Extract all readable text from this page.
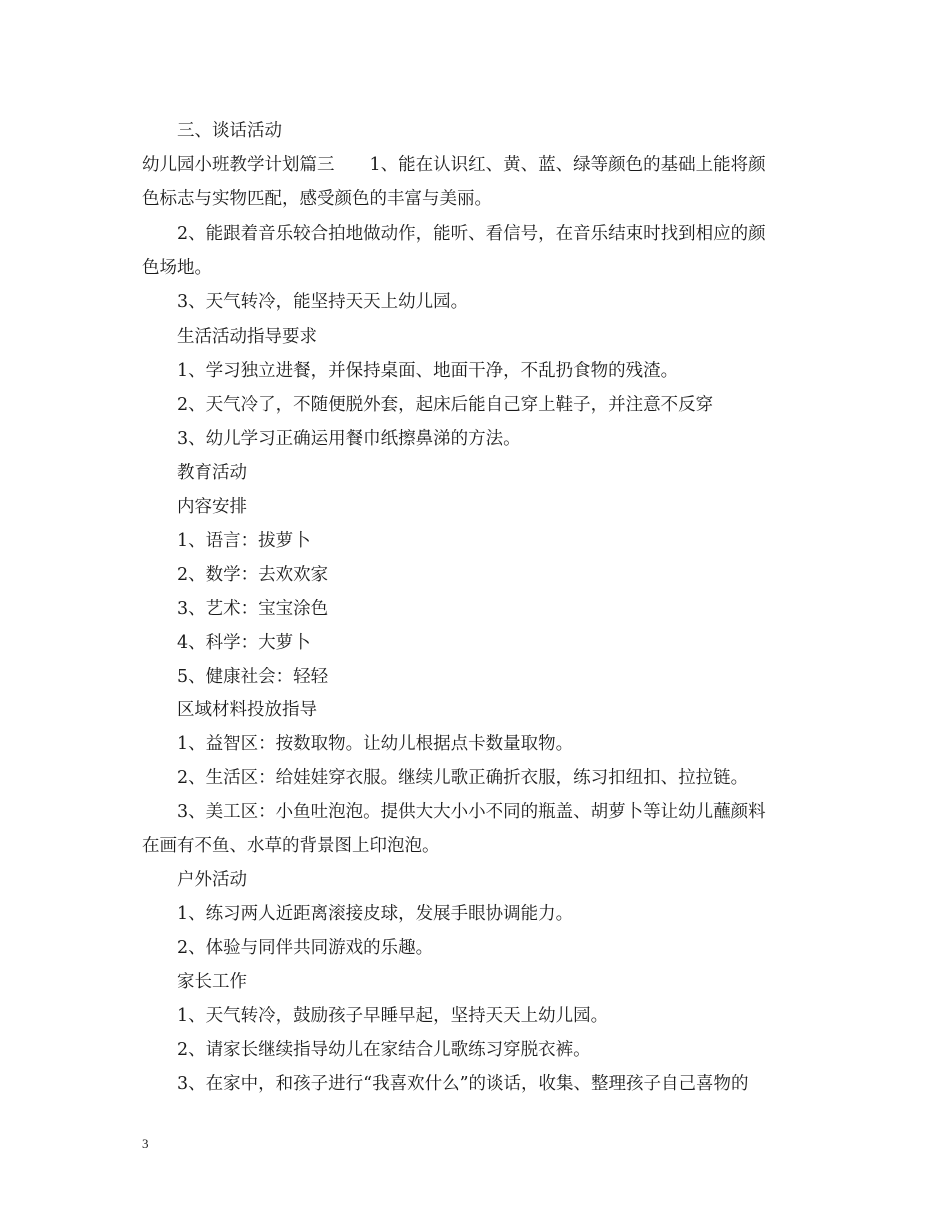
三、谈话活动
幼儿园小班教学计划篇三　　1、能在认识红、黄、蓝、绿等颜色的基础上能将颜
色标志与实物匹配，感受颜色的丰富与美丽。
2、能跟着音乐较合拍地做动作，能听、看信号，在音乐结束时找到相应的颜
色场地。
3、天气转冷，能坚持天天上幼儿园。
生活活动指导要求
1、学习独立进餐，并保持桌面、地面干净，不乱扔食物的残渣。
2、天气冷了，不随便脱外套，起床后能自己穿上鞋子，并注意不反穿
3、幼儿学习正确运用餐巾纸擦鼻涕的方法。
教育活动
内容安排
1、语言：拔萝卜
2、数学：去欢欢家
3、艺术：宝宝涂色
4、科学：大萝卜
5、健康社会：轻轻
区域材料投放指导
1、益智区：按数取物。让幼儿根据点卡数量取物。
2、生活区：给娃娃穿衣服。继续儿歌正确折衣服，练习扣纽扣、拉拉链。
3、美工区：小鱼吐泡泡。提供大大小小不同的瓶盖、胡萝卜等让幼儿蘸颜料
在画有不鱼、水草的背景图上印泡泡。
户外活动
1、练习两人近距离滚接皮球，发展手眼协调能力。
2、体验与同伴共同游戏的乐趣。
家长工作
1、天气转冷，鼓励孩子早睡早起，坚持天天上幼儿园。
2、请家长继续指导幼儿在家结合儿歌练习穿脱衣裤。
3、在家中，和孩子进行“我喜欢什么”的谈话，收集、整理孩子自己喜物的
3
